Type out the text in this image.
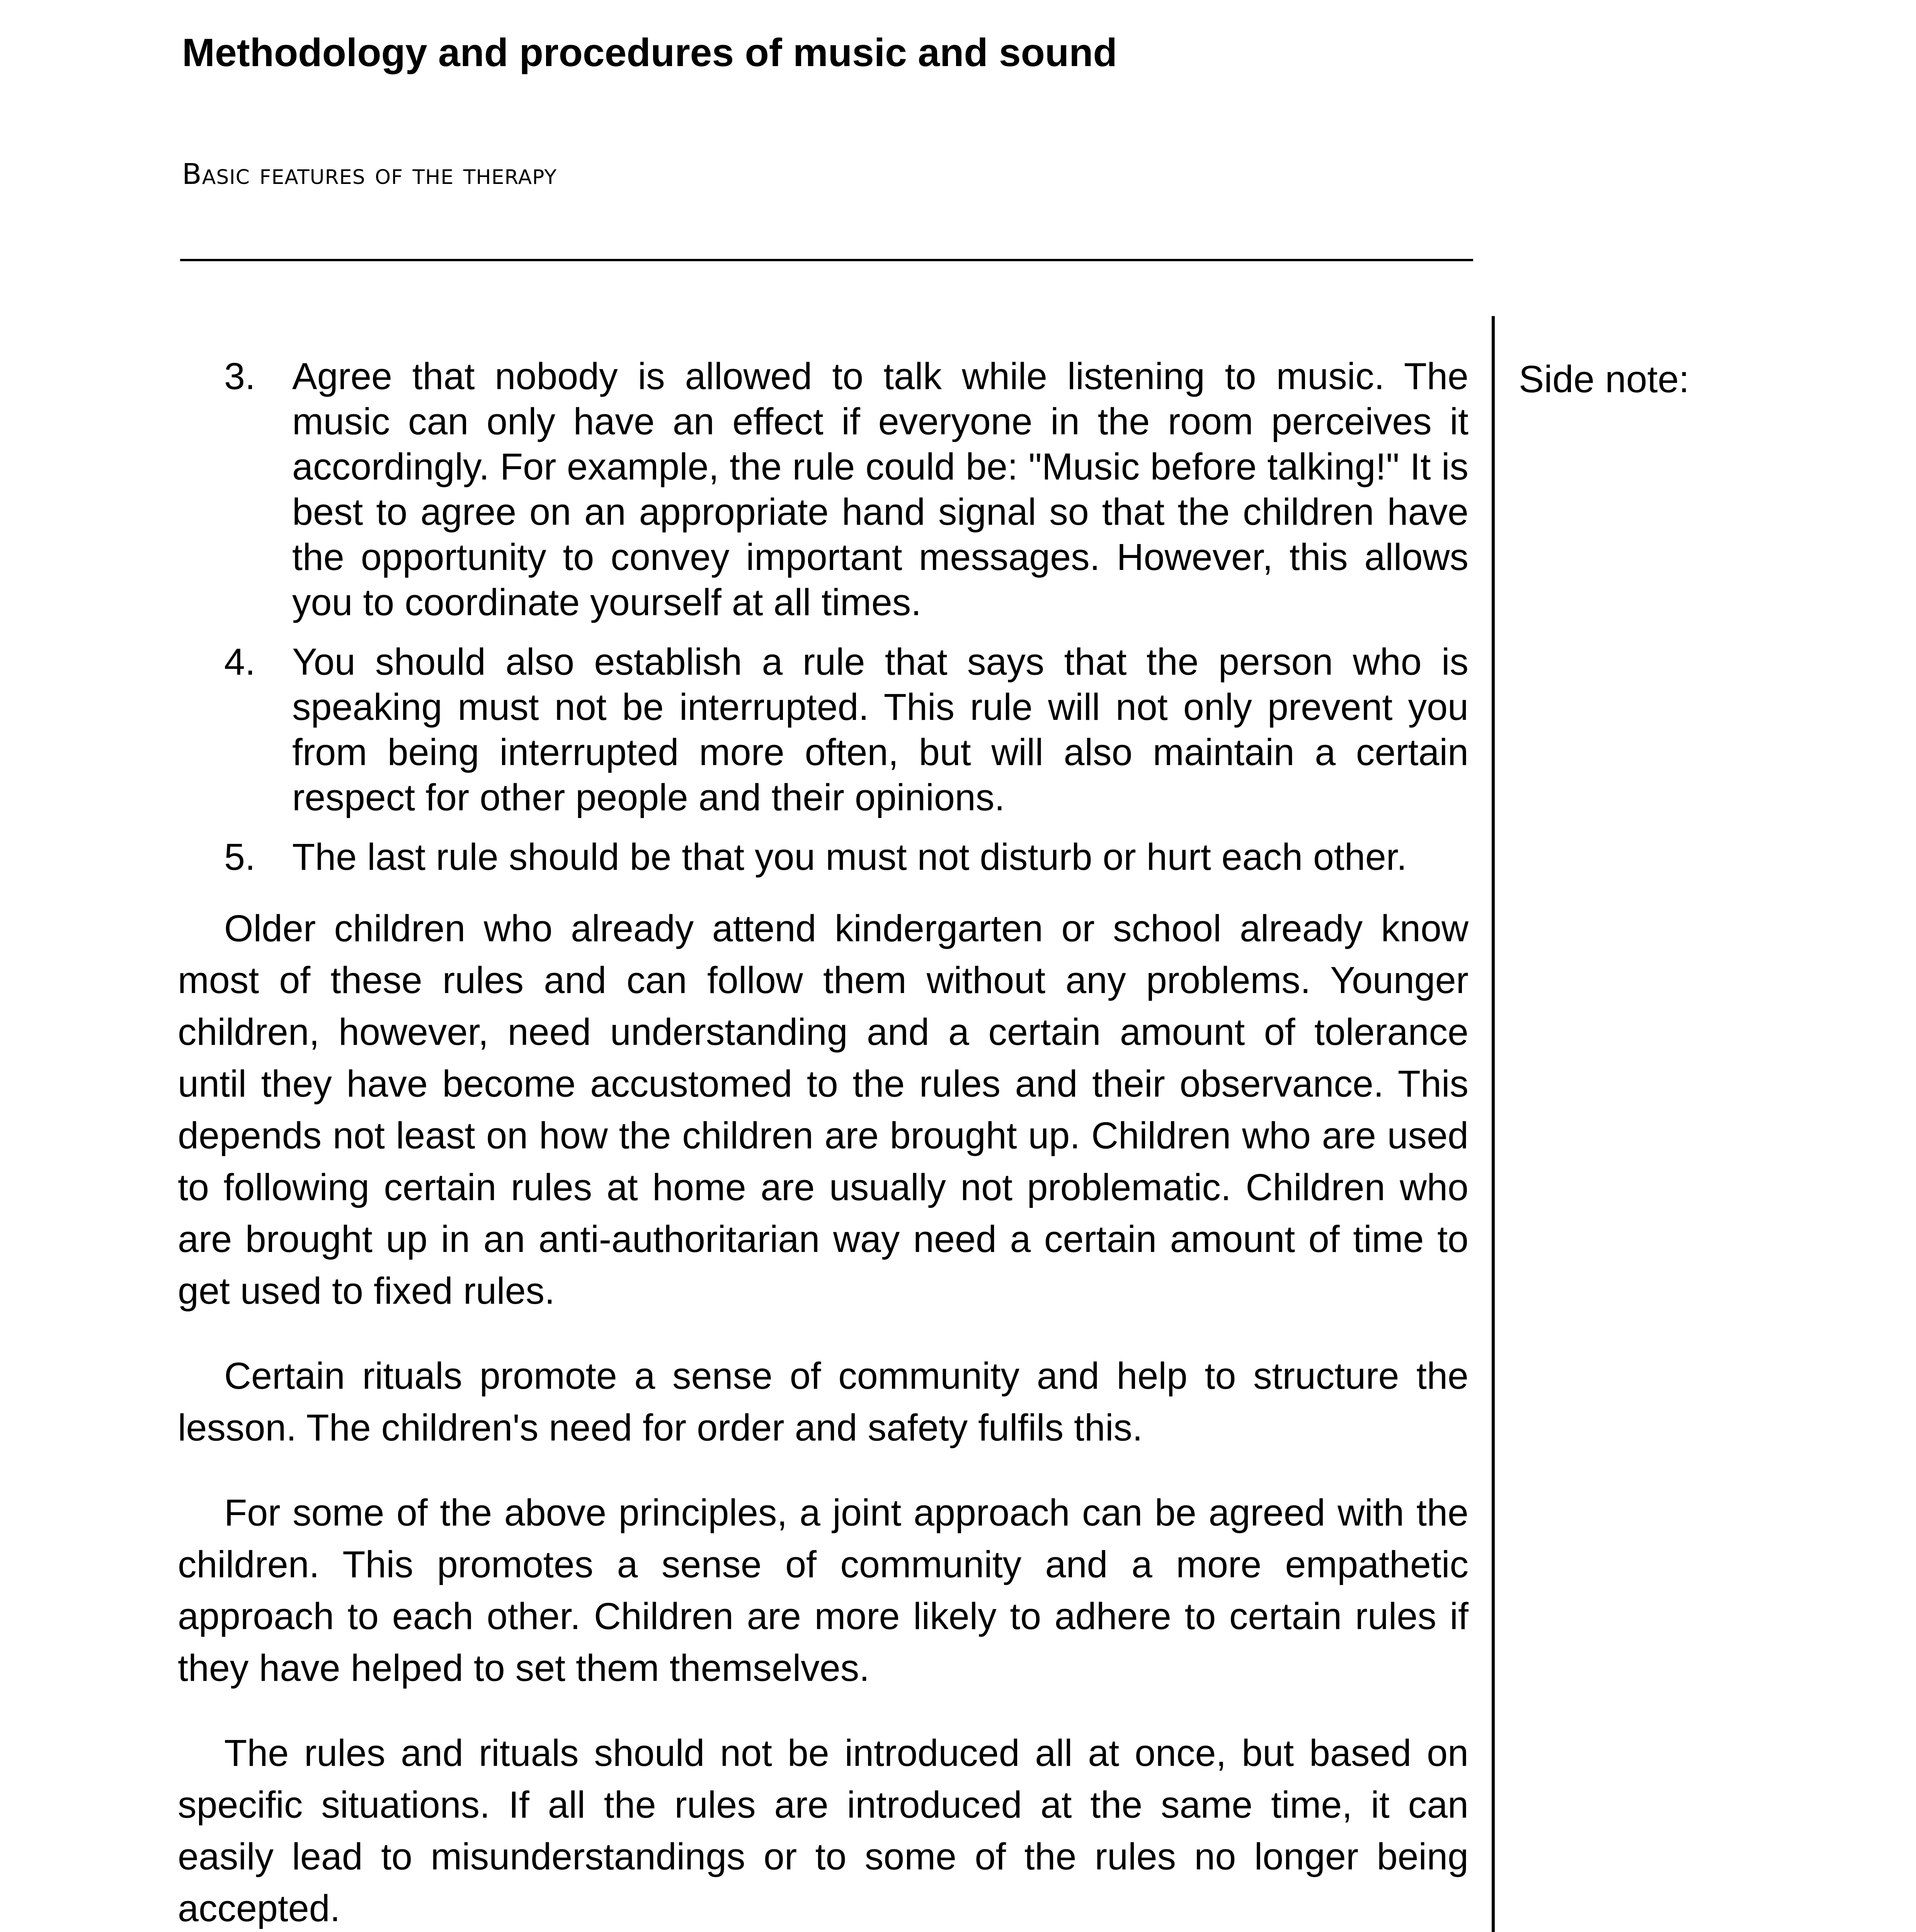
Methodology and procedures of music and sound
Basic features of the therapy
Side note:
3. Agree that nobody is allowed to talk while listening to music. The music can only have an effect if everyone in the room perceives it accordingly. For example, the rule could be: "Music before talking!" It is best to agree on an appropriate hand signal so that the children have the opportunity to convey important messages. However, this allows you to coordinate yourself at all times.
4. You should also establish a rule that says that the person who is speaking must not be interrupted. This rule will not only prevent you from being interrupted more often, but will also maintain a certain respect for other people and their opinions.
5. The last rule should be that you must not disturb or hurt each other.

Older children who already attend kindergarten or school already know most of these rules and can follow them without any problems. Younger children, however, need understanding and a certain amount of tolerance until they have become accustomed to the rules and their observance. This depends not least on how the children are brought up. Children who are used to following certain rules at home are usually not problematic. Children who are brought up in an anti-authoritarian way need a certain amount of time to get used to fixed rules.

Certain rituals promote a sense of community and help to structure the lesson. The children's need for order and safety fulfils this.

For some of the above principles, a joint approach can be agreed with the children. This promotes a sense of community and a more empathetic approach to each other. Children are more likely to adhere to certain rules if they have helped to set them themselves.

The rules and rituals should not be introduced all at once, but based on specific situations. If all the rules are introduced at the same time, it can easily lead to misunderstandings or to some of the rules no longer being accepted.
